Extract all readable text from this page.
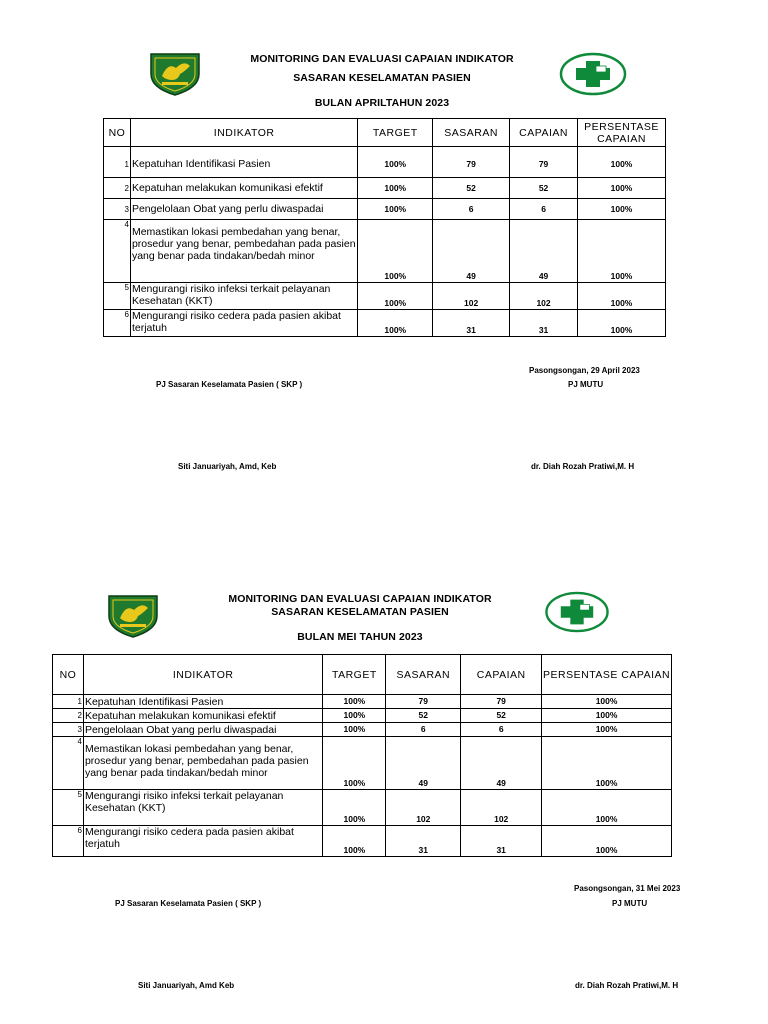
MONITORING DAN EVALUASI CAPAIAN INDIKATOR
SASARAN KESELAMATAN PASIEN
BULAN APRILTAHUN 2023
NO	INDIKATOR	TARGET	SASARAN	CAPAIAN	PERSENTASE CAPAIAN
1	Kepatuhan Identifikasi Pasien	100%	79	79	100%
2	Kepatuhan melakukan komunikasi efektif	100%	52	52	100%
3	Pengelolaan Obat yang perlu diwaspadai	100%	6	6	100%
4	Memastikan lokasi pembedahan yang benar, prosedur yang benar, pembedahan pada pasien yang benar pada tindakan/bedah minor	100%	49	49	100%
5	Mengurangi risiko infeksi terkait pelayanan Kesehatan (KKT)	100%	102	102	100%
6	Mengurangi risiko cedera pada pasien akibat terjatuh	100%	31	31	100%
Pasongsongan, 29 April 2023
PJ Sasaran Keselamata Pasien ( SKP )	PJ MUTU
Siti Januariyah, Amd, Keb	dr. Diah Rozah Pratiwi,M. H
MONITORING DAN EVALUASI CAPAIAN INDIKATOR
SASARAN KESELAMATAN PASIEN
BULAN MEI TAHUN 2023
NO	INDIKATOR	TARGET	SASARAN	CAPAIAN	PERSENTASE CAPAIAN
1	Kepatuhan Identifikasi Pasien	100%	79	79	100%
2	Kepatuhan melakukan komunikasi efektif	100%	52	52	100%
3	Pengelolaan Obat yang perlu diwaspadai	100%	6	6	100%
4	Memastikan lokasi pembedahan yang benar, prosedur yang benar, pembedahan pada pasien yang benar pada tindakan/bedah minor	100%	49	49	100%
5	Mengurangi risiko infeksi terkait pelayanan Kesehatan (KKT)	100%	102	102	100%
6	Mengurangi risiko cedera pada pasien akibat terjatuh	100%	31	31	100%
Pasongsongan, 31 Mei 2023
PJ Sasaran Keselamata Pasien ( SKP )	PJ MUTU
Siti Januariyah, Amd Keb	dr. Diah Rozah Pratiwi,M. H
